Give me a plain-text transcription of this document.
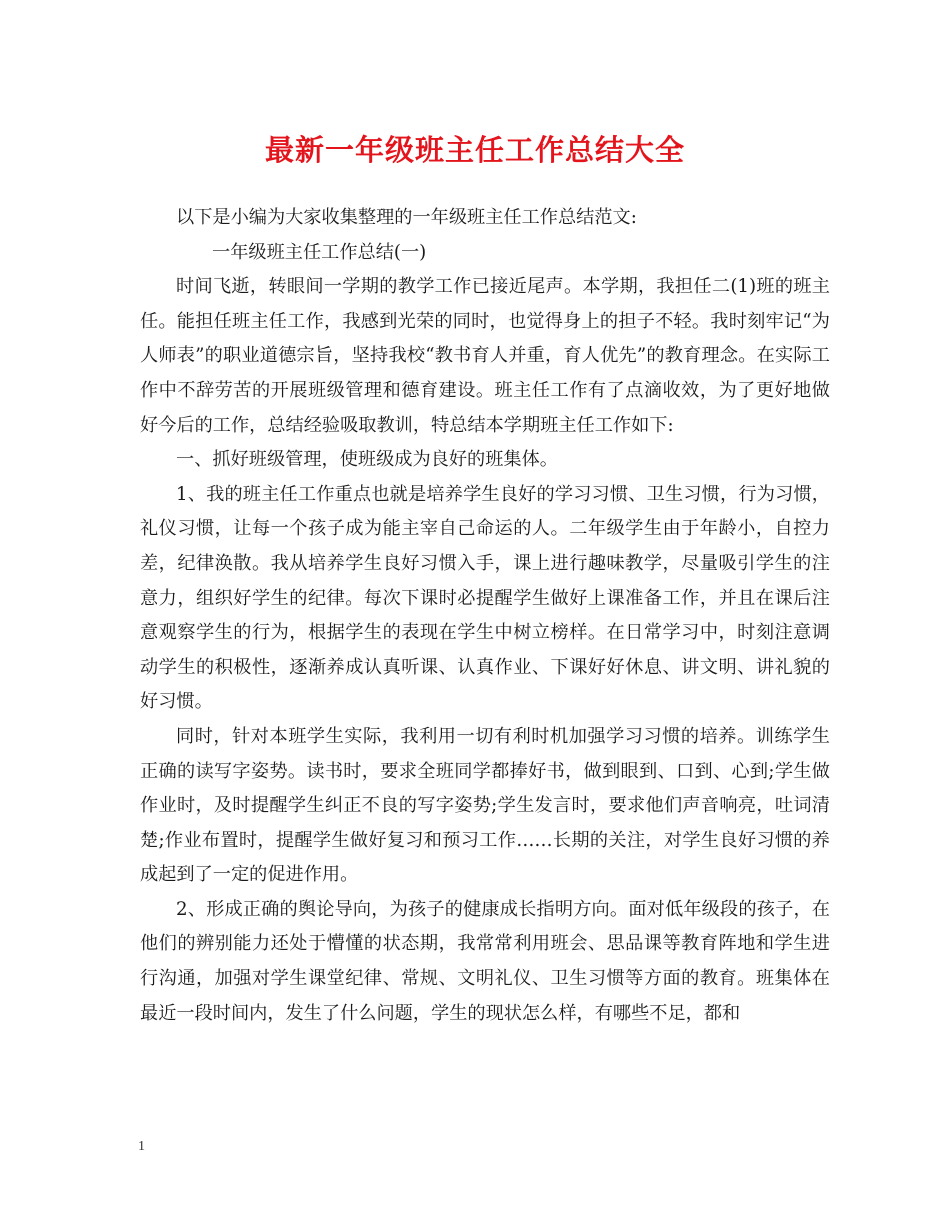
最新一年级班主任工作总结大全

以下是小编为大家收集整理的一年级班主任工作总结范文:

一年级班主任工作总结(一)

时间飞逝，转眼间一学期的教学工作已接近尾声。本学期，我担任二(1)班的班主任。能担任班主任工作，我感到光荣的同时，也觉得身上的担子不轻。我时刻牢记“为人师表”的职业道德宗旨，坚持我校“教书育人并重，育人优先”的教育理念。在实际工作中不辞劳苦的开展班级管理和德育建设。班主任工作有了点滴收效，为了更好地做好今后的工作，总结经验吸取教训，特总结本学期班主任工作如下:

一、抓好班级管理，使班级成为良好的班集体。

1、我的班主任工作重点也就是培养学生良好的学习习惯、卫生习惯，行为习惯，礼仪习惯，让每一个孩子成为能主宰自己命运的人。二年级学生由于年龄小，自控力差，纪律涣散。我从培养学生良好习惯入手，课上进行趣味教学，尽量吸引学生的注意力，组织好学生的纪律。每次下课时必提醒学生做好上课准备工作，并且在课后注意观察学生的行为，根据学生的表现在学生中树立榜样。在日常学习中，时刻注意调动学生的积极性，逐渐养成认真听课、认真作业、下课好好休息、讲文明、讲礼貌的好习惯。

同时，针对本班学生实际，我利用一切有利时机加强学习习惯的培养。训练学生正确的读写字姿势。读书时，要求全班同学都捧好书，做到眼到、口到、心到;学生做作业时，及时提醒学生纠正不良的写字姿势;学生发言时，要求他们声音响亮，吐词清楚;作业布置时，提醒学生做好复习和预习工作……长期的关注，对学生良好习惯的养成起到了一定的促进作用。

2、形成正确的舆论导向，为孩子的健康成长指明方向。面对低年级段的孩子，在他们的辨别能力还处于懵懂的状态期，我常常利用班会、思品课等教育阵地和学生进行沟通，加强对学生课堂纪律、常规、文明礼仪、卫生习惯等方面的教育。班集体在最近一段时间内，发生了什么问题，学生的现状怎么样，有哪些不足，都和

1
